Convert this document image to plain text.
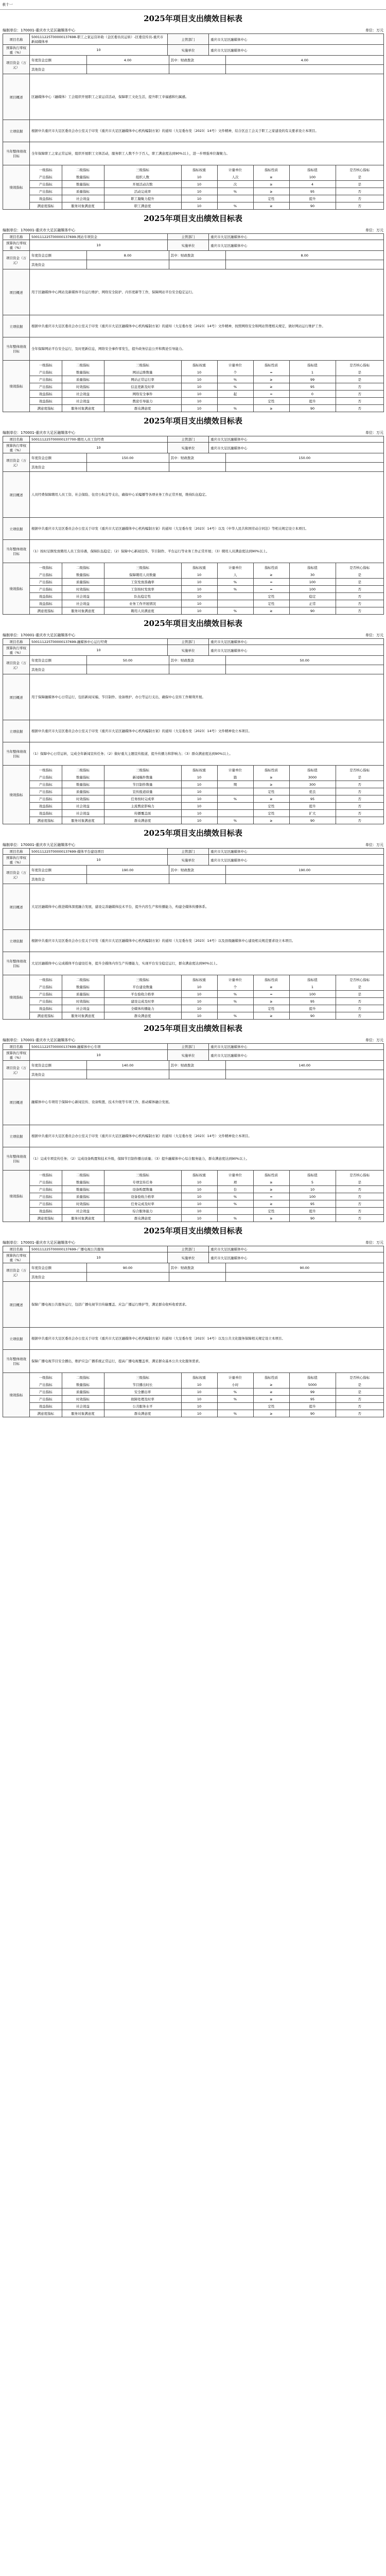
表十一
2025年项目支出绩效目标表
编制单位：170001-重庆市大足区融媒体中心	单位：万元
项目名称	500111225T00000137698-职工之家运营补助（金区委员员运转）-区委宣传员-重庆市新闻媒体单	主管部门	重庆市大足区融媒体中心
预算执行率权重（%）	10	实施单位	重庆市大足区融媒体中心
项目资金（万元）	
年度资金总额	4.00	其中：财政拨款	4.00
其他资金			

项目概述	区融媒体中心（融媒体）工会组织开展职工之家运营活动，保障职工文化生活，提升职工幸福感和归属感。
立项依据	根据中共重庆市大足区委员会办公室关于印发《重庆市大足区融媒体中心机构编制方案》的通知（大足委办发〔2023〕14号）文件精神，结合区总工会关于职工之家建设的有关要求设立本项目。
当年整体绩效目标	全年保障职工之家正常运转，组织开展职工文体活动，服务职工人数不少于百人，职工满意度达到90%以上，进一步增强单位凝聚力。
绩效指标	
一级指标	二级指标	三级指标	指标权重	计量单位	指标性质	指标值	是否核心指标
产出指标	数量指标	组织人数	10	人次	≥	100	是
产出指标	数量指标	开展活动次数	10	次	≥	4	是
产出指标	质量指标	活动完成率	10	%	≥	95	否
效益指标	社会效益	职工凝聚力提升	10		定性	提升	否
满意度指标	服务对象满意度	职工满意度	10	%	≥	90	否
2025年项目支出绩效目标表
编制单位：170001-重庆市大足区融媒体中心	单位：万元
项目名称	500111225T00000137699-网站专项资金	主管部门	重庆市大足区融媒体中心
预算执行率权重（%）	10	实施单位	重庆市大足区融媒体中心
项目资金（万元）	
年度资金总额	8.00	其中：财政拨款	8.00
其他资金			

项目概述	用于区融媒体中心网站及新媒体平台运行维护、网络安全防护、内容更新等工作，保障网站平台安全稳定运行。
立项依据	根据中共重庆市大足区委员会办公室关于印发《重庆市大足区融媒体中心机构编制方案》的通知（大足委办发〔2023〕14号）文件精神，按照网络安全和网站管理相关规定，做好网站运行维护工作。
当年整体绩效目标	全年保障网站平台安全运行，及时更新信息，网络安全事件零发生，提升政务信息公开和舆论引导能力。
绩效指标	
一级指标	二级指标	三级指标	指标权重	计量单位	指标性质	指标值	是否核心指标
产出指标	数量指标	网站运维数量	10	个	=	1	是
产出指标	质量指标	网站正常运行率	10	%	≥	99	是
产出指标	时效指标	信息更新及时率	10	%	≥	95	否
效益指标	社会效益	网络安全事件	10	起	=	0	否
效益指标	社会效益	舆论引导能力	10		定性	提升	否
满意度指标	服务对象满意度	群众满意度	10	%	≥	90	否
2025年项目支出绩效目标表
编制单位：170001-重庆市大足区融媒体中心	单位：万元
项目名称	500111225T00000137700-聘用人员工资经费	主管部门	重庆市大足区融媒体中心
预算执行率权重（%）	10	实施单位	重庆市大足区融媒体中心
项目资金（万元）	
年度资金总额	150.00	其中：财政拨款	150.00
其他资金			

项目概述	人员经费保障聘用人员工资、社会保险、住房公积金等支出，确保中心采编播等各项业务工作正常开展，维持队伍稳定。
立项依据	根据中共重庆市大足区委员会办公室关于印发《重庆市大足区融媒体中心机构编制方案》的通知（大足委办发〔2023〕14号）以及《中华人民共和国劳动合同法》等相关规定设立本项目。
当年整体绩效目标	（1）按时足额发放聘用人员工资待遇，保障队伍稳定；（2）保障中心新闻宣传、节目制作、平台运行等业务工作正常开展；（3）聘用人员满意度达到90%以上。
绩效指标	
一级指标	二级指标	三级指标	指标权重	计量单位	指标性质	指标值	是否核心指标
产出指标	数量指标	保障聘用人员数量	10	人	≥	30	是
产出指标	质量指标	工资发放准确率	10	%	=	100	是
产出指标	时效指标	工资按时发放率	10	%	=	100	否
效益指标	社会效益	队伍稳定性	10		定性	稳定	否
效益指标	社会效益	业务工作开展情况	10		定性	正常	否
满意度指标	服务对象满意度	聘用人员满意度	10	%	≥	90	否
2025年项目支出绩效目标表
编制单位：170001-重庆市大足区融媒体中心	单位：万元
项目名称	500111225T00000137699-融媒体中心运行经费	主管部门	重庆市大足区融媒体中心
预算执行率权重（%）	10	实施单位	重庆市大足区融媒体中心
项目资金（万元）	
年度资金总额	50.00	其中：财政拨款	50.00
其他资金			

项目概述	用于保障融媒体中心日常运行，包括新闻采编、节目制作、设备维护、办公等运行支出，确保中心宣传工作顺利开展。
立项依据	根据中共重庆市大足区委员会办公室关于印发《重庆市大足区融媒体中心机构编制方案》的通知（大足委办发〔2023〕14号）文件精神设立本项目。
当年整体绩效目标	（1）保障中心日常运转，完成全年新闻宣传任务；（2）做好重大主题宣传报道，提升传播力和影响力；（3）群众满意度达到90%以上。
绩效指标	
一级指标	二级指标	三级指标	指标权重	计量单位	指标性质	指标值	是否核心指标
产出指标	数量指标	新闻稿件数量	10	篇	≥	3000	是
产出指标	数量指标	节目制作数量	10	期	≥	300	否
产出指标	质量指标	宣传报道质量	10		定性	优良	否
产出指标	时效指标	任务按时完成率	10	%	≥	95	否
效益指标	社会效益	主流舆论影响力	10		定性	提升	否
效益指标	社会效益	传播覆盖面	10		定性	扩大	否
满意度指标	服务对象满意度	群众满意度	10	%	≥	90	否
2025年项目支出绩效目标表
编制单位：170001-重庆市大足区融媒体中心	单位：万元
项目名称	500111225T00000137699-媒体平台建设项目	主管部门	重庆市大足区融媒体中心
预算执行率权重（%）	10	实施单位	重庆市大足区融媒体中心
项目资金（万元）	
年度资金总额	190.00	其中：财政拨款	190.00
其他资金			

项目概述	大足区融媒体中心推进媒体深度融合发展，建设完善融媒体技术平台，提升内容生产和传播能力，构建全媒体传播体系。
立项依据	根据中共重庆市大足区委员会办公室关于印发《重庆市大足区融媒体中心机构编制方案》的通知（大足委办发〔2023〕14号）以及县级融媒体中心建设相关规范要求设立本项目。
当年整体绩效目标	大足区融媒体中心完成媒体平台建设任务，提升全媒体内容生产传播能力，实现平台安全稳定运行，群众满意度达到90%以上。
绩效指标	
一级指标	二级指标	三级指标	指标权重	计量单位	指标性质	指标值	是否核心指标
产出指标	数量指标	平台建设数量	10	个	≥	1	是
产出指标	质量指标	平台验收合格率	10	%	=	100	是
产出指标	时效指标	建设完成及时率	10	%	≥	95	否
效益指标	社会效益	全媒体传播能力	10		定性	提升	否
满意度指标	服务对象满意度	群众满意度	10	%	≥	90	否
2025年项目支出绩效目标表
编制单位：170001-重庆市大足区融媒体中心	单位：万元
项目名称	500111225T00000137699-融媒体中心专项	主管部门	重庆市大足区融媒体中心
预算执行率权重（%）	10	实施单位	重庆市大足区融媒体中心
项目资金（万元）	
年度资金总额	140.00	其中：财政拨款	140.00
其他资金			

项目概述	融媒体中心专项用于保障中心新闻宣传、设备购置、技术升级等专项工作，推动媒体融合发展。
立项依据	根据中共重庆市大足区委员会办公室关于印发《重庆市大足区融媒体中心机构编制方案》的通知（大足委办发〔2023〕14号）文件精神设立本项目。
当年整体绩效目标	（1）完成专项宣传任务；（2）完成设备购置和技术升级，保障节目制作播出质量；（3）提升融媒体中心综合服务能力，群众满意度达到90%以上。
绩效指标	
一级指标	二级指标	三级指标	指标权重	计量单位	指标性质	指标值	是否核心指标
产出指标	数量指标	专项宣传任务	10	项	≥	5	是
产出指标	数量指标	设备购置数量	10	台	≥	10	否
产出指标	质量指标	设备验收合格率	10	%	=	100	否
产出指标	时效指标	任务完成及时率	10	%	≥	95	否
效益指标	社会效益	综合服务能力	10		定性	提升	否
满意度指标	服务对象满意度	群众满意度	10	%	≥	90	否
2025年项目支出绩效目标表
编制单位：170001-重庆市大足区融媒体中心	单位：万元
项目名称	500111225T00000137699-广播电视公共服务	主管部门	重庆市大足区融媒体中心
预算执行率权重（%）	10	实施单位	重庆市大足区融媒体中心
项目资金（万元）	
年度资金总额	90.00	其中：财政拨款	90.00
其他资金			

项目概述	保障广播电视公共服务运行，包括广播电视节目传输覆盖、应急广播运行维护等，满足群众收听收看需求。
立项依据	根据中共重庆市大足区委员会办公室关于印发《重庆市大足区融媒体中心机构编制方案》的通知（大足委办发〔2023〕14号）以及公共文化服务保障相关规定设立本项目。
当年整体绩效目标	保障广播电视节目安全播出，维护应急广播系统正常运行，提高广播电视覆盖率，满足群众基本公共文化服务需求。
绩效指标	
一级指标	二级指标	三级指标	指标权重	计量单位	指标性质	指标值	是否核心指标
产出指标	数量指标	节目播出时长	10	小时	≥	5000	是
产出指标	质量指标	安全播出率	10	%	≥	99	是
产出指标	时效指标	故障处理及时率	10	%	≥	95	否
效益指标	社会效益	公共服务水平	10		定性	提升	否
满意度指标	服务对象满意度	群众满意度	10	%	≥	90	否
